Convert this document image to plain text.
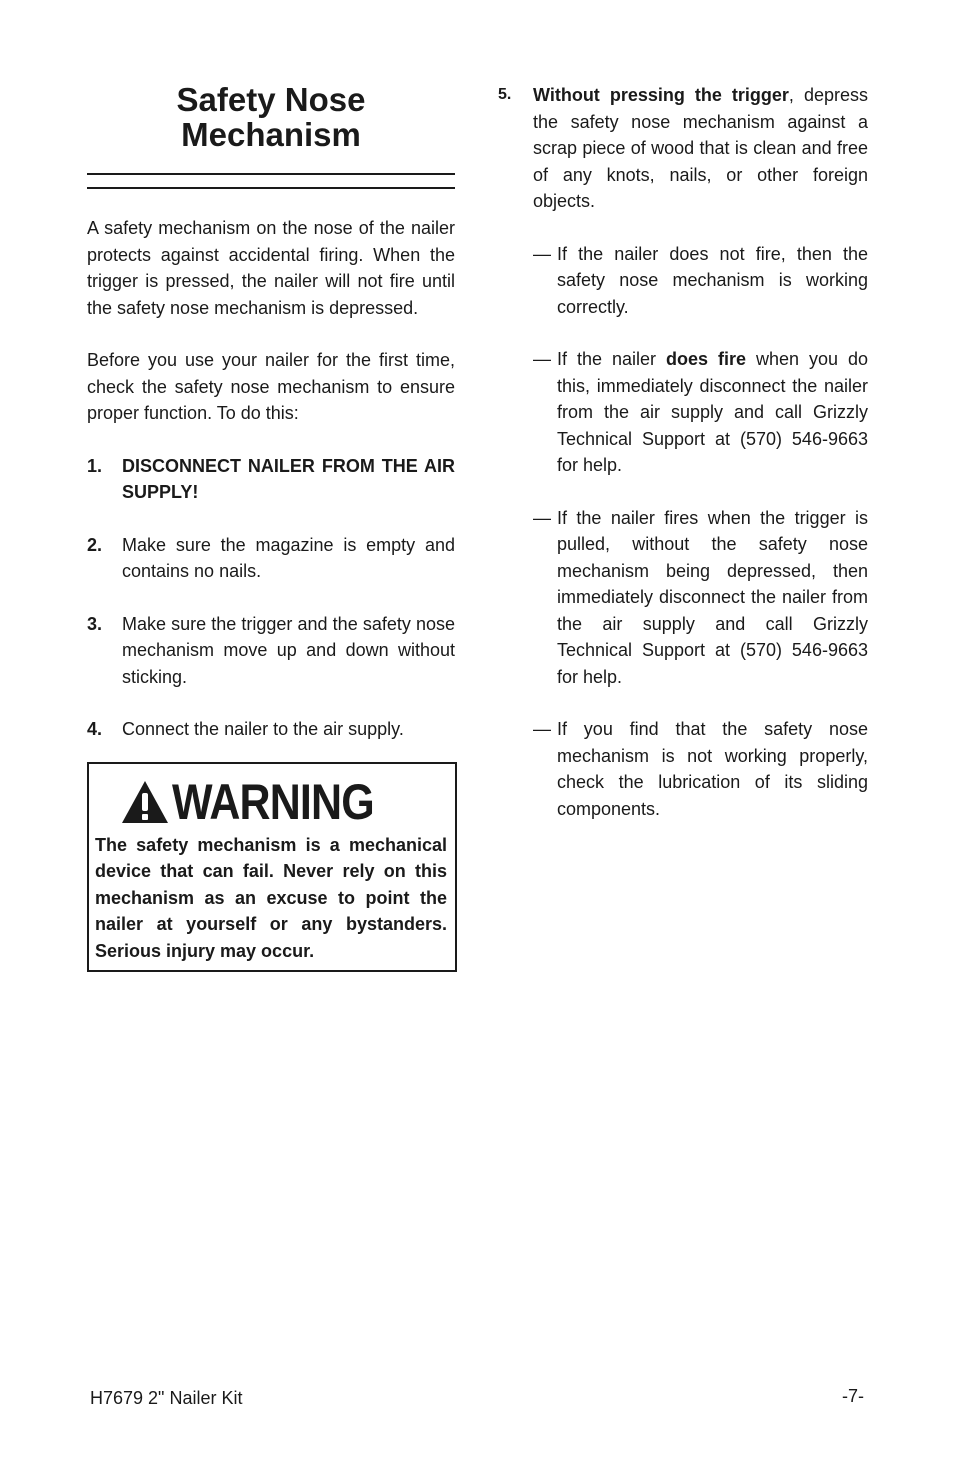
Safety Nose
Mechanism

A safety mechanism on the nose of the nailer protects against accidental firing. When the trigger is pressed, the nailer will not fire until the safety nose mechanism is depressed.

Before you use your nailer for the first time, check the safety nose mechanism to ensure proper function. To do this:

1. DISCONNECT NAILER FROM THE AIR SUPPLY!
2. Make sure the magazine is empty and contains no nails.
3. Make sure the trigger and the safety nose mechanism move up and down without sticking.
4. Connect the nailer to the air supply.
WARNING
The safety mechanism is a mechanical device that can fail. Never rely on this mechanism as an excuse to point the nailer at yourself or any bystanders. Serious injury may occur.
5. Without pressing the trigger, depress the safety nose mechanism against a scrap piece of wood that is clean and free of any knots, nails, or other foreign objects.
— If the nailer does not fire, then the safety nose mechanism is working correctly.
— If the nailer does fire when you do this, immediately disconnect the nailer from the air supply and call Grizzly Technical Support at (570) 546-9663 for help.
— If the nailer fires when the trigger is pulled, without the safety nose mechanism being depressed, then immediately disconnect the nailer from the air supply and call Grizzly Technical Support at (570) 546-9663 for help.
— If you find that the safety nose mechanism is not working properly, check the lubrication of its sliding components.
H7679 2" Nailer Kit	-7-
